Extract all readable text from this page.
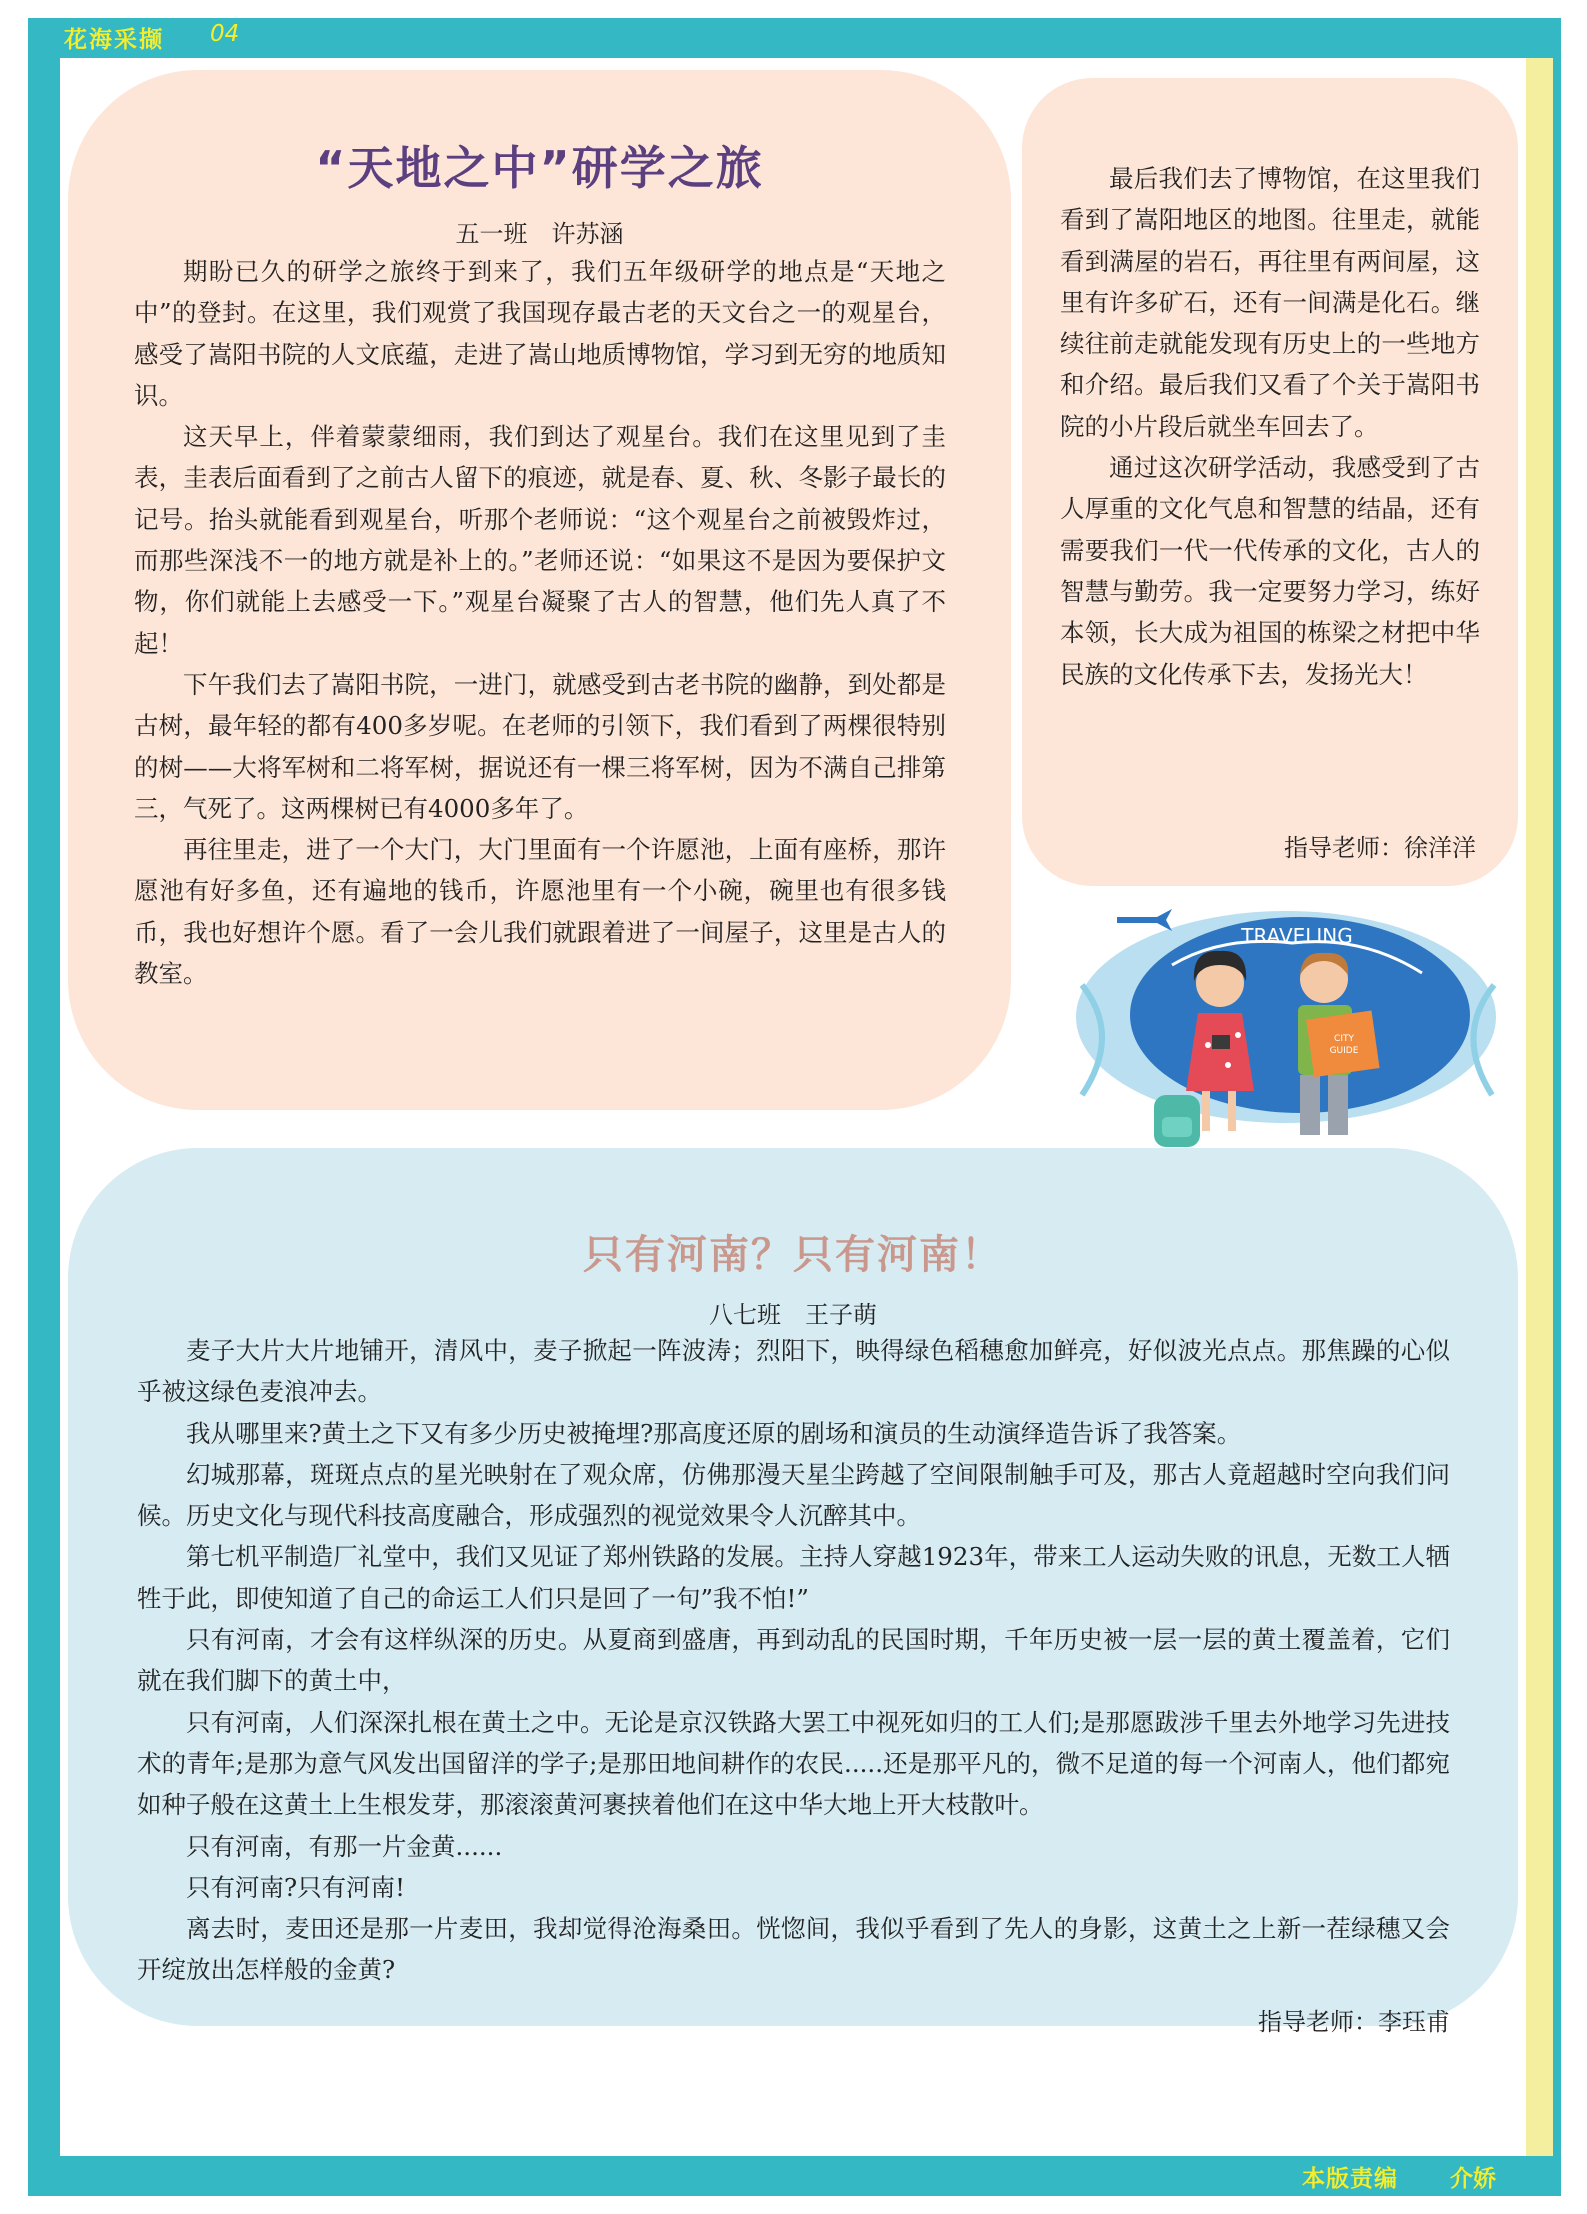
花海采撷 04
本版责编 介娇
“天地之中”研学之旅
五一班　许苏涵

期盼已久的研学之旅终于到来了，我们五年级研学的地点是“天地之中”的登封。在这里，我们观赏了我国现存最古老的天文台之一的观星台，感受了嵩阳书院的人文底蕴，走进了嵩山地质博物馆，学习到无穷的地质知识。

这天早上，伴着蒙蒙细雨，我们到达了观星台。我们在这里见到了圭表，圭表后面看到了之前古人留下的痕迹，就是春、夏、秋、冬影子最长的记号。抬头就能看到观星台，听那个老师说：“这个观星台之前被毁炸过，而那些深浅不一的地方就是补上的。”老师还说：“如果这不是因为要保护文物，你们就能上去感受一下。”观星台凝聚了古人的智慧，他们先人真了不起！

下午我们去了嵩阳书院，一进门，就感受到古老书院的幽静，到处都是古树，最年轻的都有400多岁呢。在老师的引领下，我们看到了两棵很特别的树——大将军树和二将军树，据说还有一棵三将军树，因为不满自己排第三，气死了。这两棵树已有4000多年了。

再往里走，进了一个大门，大门里面有一个许愿池，上面有座桥，那许愿池有好多鱼，还有遍地的钱币，许愿池里有一个小碗，碗里也有很多钱币，我也好想许个愿。看了一会儿我们就跟着进了一间屋子，这里是古人的教室。

最后我们去了博物馆，在这里我们看到了嵩阳地区的地图。往里走，就能看到满屋的岩石，再往里有两间屋，这里有许多矿石，还有一间满是化石。继续往前走就能发现有历史上的一些地方和介绍。最后我们又看了个关于嵩阳书院的小片段后就坐车回去了。

通过这次研学活动，我感受到了古人厚重的文化气息和智慧的结晶，还有需要我们一代一代传承的文化，古人的智慧与勤劳。我一定要努力学习，练好本领，长大成为祖国的栋梁之材把中华民族的文化传承下去，发扬光大！

指导老师：徐洋洋
TRAVELING
CITY
GUIDE
只有河南？只有河南！
八七班　王子萌

麦子大片大片地铺开，清风中，麦子掀起一阵波涛；烈阳下，映得绿色稻穗愈加鲜亮，好似波光点点。那焦躁的心似乎被这绿色麦浪冲去。

我从哪里来?黄土之下又有多少历史被掩埋?那高度还原的剧场和演员的生动演绎造告诉了我答案。

幻城那幕，斑斑点点的星光映射在了观众席，仿佛那漫天星尘跨越了空间限制触手可及，那古人竟超越时空向我们问候。历史文化与现代科技高度融合，形成强烈的视觉效果令人沉醉其中。

第七机平制造厂礼堂中，我们又见证了郑州铁路的发展。主持人穿越1923年，带来工人运动失败的讯息，无数工人牺牲于此，即使知道了自己的命运工人们只是回了一句”我不怕!”

只有河南，才会有这样纵深的历史。从夏商到盛唐，再到动乱的民国时期，千年历史被一层一层的黄土覆盖着，它们就在我们脚下的黄土中，

只有河南，人们深深扎根在黄土之中。无论是京汉铁路大罢工中视死如归的工人们;是那愿跋涉千里去外地学习先进技术的青年;是那为意气风发出国留洋的学子;是那田地间耕作的农民.....还是那平凡的，微不足道的每一个河南人，他们都宛如种子般在这黄土上生根发芽，那滚滚黄河裹挟着他们在这中华大地上开大枝散叶。

只有河南，有那一片金黄......

只有河南?只有河南!

离去时，麦田还是那一片麦田，我却觉得沧海桑田。恍惚间，我似乎看到了先人的身影，这黄土之上新一茬绿穗又会开绽放出怎样般的金黄?

指导老师：李珏甫
